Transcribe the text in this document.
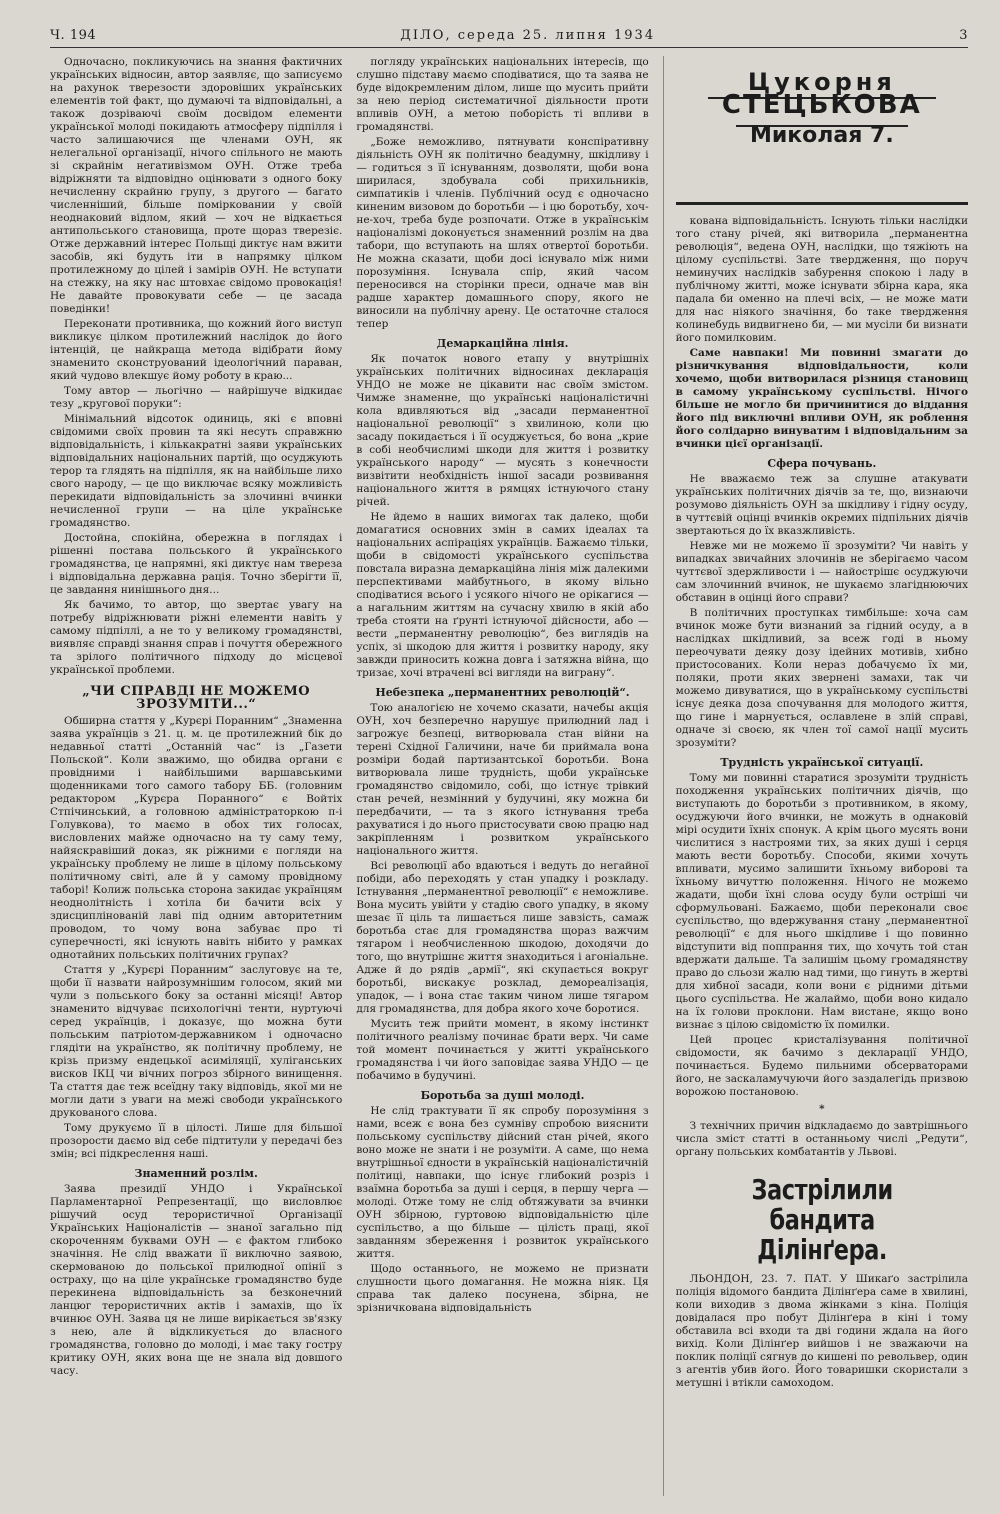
Ч. 194	ДІЛО, середа 25. липня 1934	3

Одночасно, покликуючись на знання фактичних українських відносин, автор заявляє, що записуємо на рахунок тверезости здоровіших українських елементів той факт, що думаючі та відповідальні, а також дозріваючі своїм досвідом елементи української молоді покидають атмосферу підпілля і часто залишаючися ще членами ОУН, як нелегальної організації, нічого спільного не мають зі скрайнім негативізмом ОУН. Отже треба відріжняти та відповідно оцінювати з одного боку нечисленну скрайню групу, з другого — багато численніший, більше помірковании у своїй неоднаковий відлом, який — хоч не відкається антипольського становища, проте щораз тверезіє. Отже державний інтерес Польщі диктує нам вжити засобів, які будуть іти в напрямку цілком протилежному до цілей і замірів ОУН. Не вступати на стежку, на яку нас штовхає свідомо провокація! Не давайте провокувати себе — це засада поведінки!

Переконати противника, що кожний його виступ викликує цілком протилежний наслідок до його інтенцій, це найкраща метода відібрати йому знаменито сконструований ідеологічний параван, який чудово влекшує йому роботу в краю...

Тому автор — льогічно — найрішуче відкидає тезу „кругової поруки“:

Мінімальний відсоток одиниць, які є вповні свідомими своїх провин та які несуть справжню відповідальність, і кількакратні заяви українських відповідальних національних партій, що осуджують терор та глядять на підпілля, як на найбільше лихо свого народу, — це що виключає всяку можливість перекидати відповідальність за злочинні вчинки нечисленної групи — на ціле українське громадянство.

Достойна, спокійна, обережна в поглядах і рішенні постава польського й українського громадянства, це напрямні, які диктує нам твереза і відповідальна державна рація. Точно зберігти її, це завдання нинішнього дня...

Як бачимо, то автор, що звертає увагу на потребу відріжнювати ріжні елементи навіть у самому підпіллі, а не то у великому громадянстві, виявляє справді знання справ і почуття обережного та зрілого політичного підходу до місцевої української проблеми.

„ЧИ СПРАВДІ НЕ МОЖЕМО ЗРОЗУМІТИ...“

Обширна стаття у „Курєрі Поранним“ „Знаменна заява українців з 21. ц. м. це протилежний бік до недавньої статті „Останній час“ із „Газети Польской“. Коли зважимо, що обидва органи є провідними і найбільшими варшавськими щоденниками того самого табору ББ. (головним редактором „Курєра Поранного“ є Войтіх Стпічинський, а головною адміністраторкою п-і Голувкова), то маємо в обох тих голосах, висловлених майже одночасно на ту саму тему, найяскравіший доказ, як ріжними є погляди на українську проблему не лише в цілому польському політичному світі, але й у самому провідному таборі! Колиж польська сторона закидає українцям неоднолітність і хотіла би бачити всіх у здисциплінованій лаві під одним авторитетним проводом, то чому вона забуває про ті суперечності, які існують навіть нібито у рамках однотайних польських політичних групах?

Стаття у „Курєрі Поранним“ заслуговує на те, щоби її назвати найрозумнішим голосом, який ми чули з польського боку за останні місяці! Автор знаменито відчуває психологічні тенти, нуртуючі серед українців, і доказує, що можна бути польським патріотом-державником і одночасно глядіти на українство, як політичну проблему, не крізь призму ендецької асиміляції, хуліганських висков ІКЦ чи вічних погроз збірного винищення. Та стаття дає теж всеїдну таку відповідь, якої ми не могли дати з уваги на межі свободи українського друкованого слова.

Тому друкуємо її в цілості. Лише для більшої прозорости даємо від себе підтитули у передачі без змін; всі підкреслення наші.

Знаменний розлім.

Заява президії УНДО і Української Парламентарної Репрезентації, що висловлює рішучий осуд терористичної Організації Українських Націоналістів — знаної загально під скороченням буквами ОУН — є фактом глибоко значіння. Не слід вважати її виключно заявою, скермованою до польської прилюдної опінії з остраху, що на ціле українське громадянство буде перекинена відповідальність за безконечний ланцюг терористичних актів і замахів, що їх вчинює ОУН. Заява ця не лише вирікається зв'язку з нею, але й відкликується до власного громадянства, головно до молоді, і має таку гостру критику ОУН, яких вона ще не знала від довшого часу.

погляду українських національних інтересів, що слушно підставу маємо сподіватися, що та заява не буде відокремленим ділом, лише що мусить прийти за нею період систематичної діяльности проти впливів ОУН, а метою поборість ті впливи в громадянстві.

„Боже неможливо, пятнувати конспіративну діяльність ОУН як політично беадумну, шкідливу і — годиться з її існуванням, дозволяти, щоби вона ширилася, здобувала собі прихильників, симпатиків і членів. Публічний осуд є одночасно киненим визовом до боротьби — і цю боротьбу, хоч-не-хоч, треба буде розпочати. Отже в українськім націоналізмі доконується знаменний розлім на два табори, що вступають на шлях отвертої боротьби. Не можна сказати, щоби досі існувало між ними порозуміння. Існувала спір, який часом переносився на сторінки преси, одначе мав він радше характер домашнього спору, якого не виносили на публічну арену. Це остаточне сталося тепер

Демаркаційна лінія.

Як початок нового етапу у внутрішніх українських політичних відносинах декларація УНДО не може не цікавити нас своїм змістом. Чимже знаменне, що українські націоналістичні кола вдивляються від „засади перманентної національної революції“ з хвилиною, коли цю засаду покидається і її осуджується, бо вона „крие в собі необчислимі шкоди для життя і розвитку українського народу“ — мусять з конечности визвітити необхідність іншої засади розвивання національного життя в рямцях істнуючого стану річей.

Не йдемо в наших вимогах так далеко, щоби домагатися основних змін в самих ідеалах та національних аспіраціях українців. Бажаємо тільки, щоби в свідомості українського суспільства повстала виразна демаркаційна лінія між далекими перспективами майбутнього, в якому вільно сподіватися всього і усякого нічого не орікагися — а нагальним життям на сучасну хвилю в якій або треба стояти на ґрунті істнуючої дійсности, або — вести „перманентну революцію“, без виглядів на успіх, зі шкодою для життя і розвитку народу, яку завжди приносить кожна довга і затяжна війна, що тризає, хочі втрачені всі вигляди на виграну“.

Небезпека „перманентних революцій“.

Тою аналогією не хочемо сказати, начебы акція ОУН, хоч безперечно нарушує прилюдний лад і загрожує безпеці, витворювала стан війни на терені Східної Галичини, наче би приймала вона розміри бодай партизантської боротьби. Вона витворювала лише трудність, щоби українське громадянство свідомило, собі, що істнує трівкий стан речей, незмінний у будучині, яку можна би передбачити, — та з якого істнування треба рахуватися і до нього пристосувати свою працю над закріпленням і розвитком українського національного життя.

Всі революції або вдаються і ведуть до негайної побіди, або переходять у стан упадку і розкладу. Істнування „перманентної революції“ є неможливе. Вона мусить увійти у стадію свого упадку, в якому шезає її ціль та лишається лише завзість, самаж боротьба стає для громадянства щораз важчим тягаром і необчисленною шкодою, доходячи до того, що внутрішнє життя знаходиться і агоніальне. Адже й до рядів „армії“, які скупається вокруг боротьбі, вискакує розклад, демореалізація, упадок, — і вона стає таким чином лише тягаром для громадянства, для добра якого хоче боротися.

Мусить теж прийти момент, в якому інстинкт політичного реалізму починає брати верх. Чи саме той момент починається у житті українського громадянства і чи його заповідає заява УНДО — це побачимо в будучині.

Боротьба за душі молоді.

Не слід трактувати її як спробу порозуміння з нами, всеж є вона без сумніву спробою вияснити польському суспільству дійсний стан річей, якого воно може не знати і не розуміти. А саме, що нема внутрішньої єдности в українській націоналістичній політиці, навпаки, що існує глибокий розріз і взаїмна боротьба за душі і серця, в першу черга — молоді. Отже тому не слід обтяжувати за вчинки ОУН збірною, гуртовою відповідальністю ціле суспільство, а що більше — цілість праці, якої завданням збереження і розвиток українського життя.

Щодо останнього, не можемо не признати слушности цього домагання. Не можна ніяк. Ця справа так далеко посунена, збірна, не зрізничкована відповідальність

Цукорня
СТЕЦЬКОВА
Миколая 7.

кована відповідальність. Існують тільки наслідки того стану річей, які витворила „перманентна революція“, ведена ОУН, наслідки, що тяжіють на цілому суспільстві. Зате твердження, що поруч неминучих наслідків забурення спокою і ладу в публічному житті, може існувати збірна кара, яка падала би оменно на плечі всіх, — не може мати для нас ніякого значіння, бо таке твердження колинебудь видвигнено би, — ми мусіли би визнати його помилковим.

Саме навпаки! Ми повинні змагати до різничкування відповідальности, коли хочемо, щоби витворилася різниця становищ в самому українському суспільстві. Нічого більше не могло би причинитися до віддання його під виключні впливи ОУН, як роблення його солідарно винуватим і відповідальним за вчинки цієї організації.

Сфера почувань.

Не вважаємо теж за слушне атакувати українських політичних діячів за те, що, визнаючи розумово діяльність ОУН за шкідливу і гідну осуду, в чуттєвій оцінці вчинків окремих підпільних діячів звертаються до їх вказжливість.

Невже ми не можемо її зрозуміти? Чи навіть у випадках звичайних злочинів не зберігаємо часом чуттєвої здержливости і — найострішє осуджуючи сам злочинний вчинок, не шукаємо злагіднюючих обставин в оцінці його справи?

В політичних проступках тимбільше: хоча сам вчинок може бути визнаний за гідний осуду, а в наслідках шкідливий, за всеж годі в ньому переочувати деяку дозу ідейних мотивів, хибно пристосованих. Коли нераз добачуємо їх ми, поляки, проти яких звернені замахи, так чи можемо дивуватися, що в українському суспільстві існує деяка доза спочування для молодого життя, що гине і марнується, ославлене в злій справі, одначе зі своєю, як член тої самої нації мусить зрозуміти?

Трудність української ситуації.

Тому ми повинні старатися зрозуміти трудність походження українських політичних діячів, що виступають до боротьби з противником, в якому, осуджуючи його вчинки, не можуть в однаковій мірі осудити їхніх спонук. А крім цього мусять вони числитися з настроями тих, за яких душі і серця мають вести боротьбу. Способи, якими хочуть впливати, мусимо залишити їхньому виборові та їхньому вичуттю положення. Нічого не можемо жадати, щоби їхні слова осуду були острішi чи сформульовані. Бажаємо, щоби переконали своє суспільство, що вдержування стану „перманентної революції“ є для нього шкідливе і що повинно відступити від поппрання тих, що хочуть той стан вдержати дальше. Та залишім цьому громадянству право до сльози жалю над тими, що гинуть в жертві для хибної засади, коли вони є рідними дітьми цього суспільства. Не жалаймо, щоби воно кидало на їх голови проклони. Нам вистане, якщо воно визнає з цілою свідомістю їх помилки.

Цей процес кристалізування політичної свідомости, як бачимо з декларації УНДО, починається. Будемо пильними обсерваторами його, не заскаламучуючи його заздалегідь призвою ворожою постановою.

*

З технічних причин відкладаємо до завтрішнього числа зміст статті в останньому числі „Редути“, органу польських комбатантів у Львові.

Застрілили бандита Ділінґера.

ЛЬОНДОН, 23. 7. ПАТ. У Шикаґо застрілила поліція відомого бандита Ділінґера саме в хвилині, коли виходив з двома жінками з кіна. Поліція довідалася про побут Ділінґера в кіні і тому обставила всі входи та дві години ждала на його вихід. Коли Ділінґер вийшов і не зважаючи на поклик поліції сягнув до кишені по револьвер, один з агентів убив його. Його товаришки скористали з метушні і втікли самоходом.
